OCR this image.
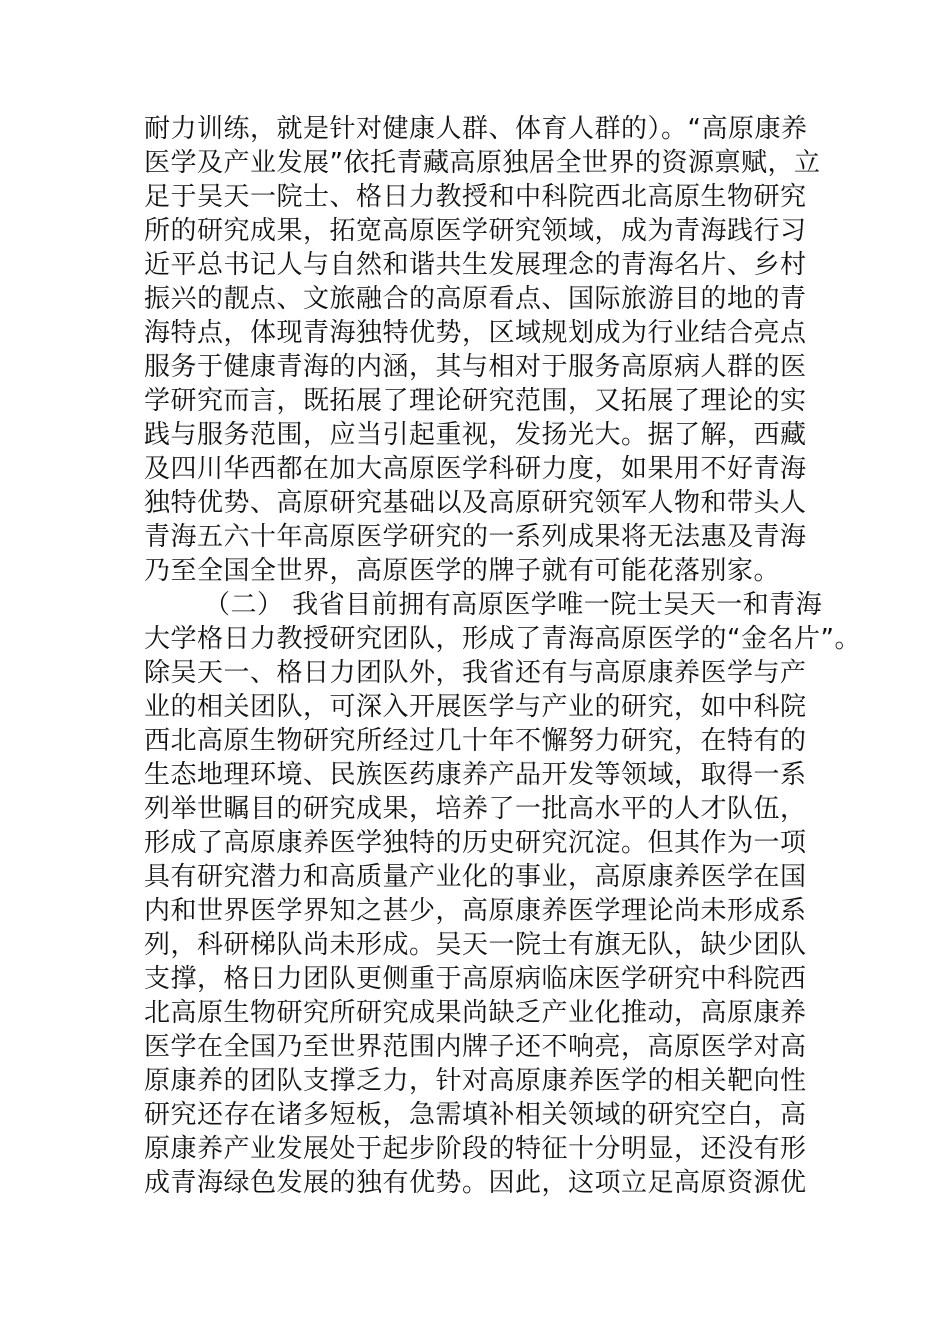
耐力训练，就是针对健康人群、体育人群的）。“高原康养
医学及产业发展”依托青藏高原独居全世界的资源禀赋，立
足于吴天一院士、格日力教授和中科院西北高原生物研究
所的研究成果，拓宽高原医学研究领域，成为青海践行习
近平总书记人与自然和谐共生发展理念的青海名片、乡村
振兴的靓点、文旅融合的高原看点、国际旅游目的地的青
海特点，体现青海独特优势，区域规划成为行业结合亮点
服务于健康青海的内涵，其与相对于服务高原病人群的医
学研究而言，既拓展了理论研究范围，又拓展了理论的实
践与服务范围，应当引起重视，发扬光大。据了解，西藏
及四川华西都在加大高原医学科研力度，如果用不好青海
独特优势、高原研究基础以及高原研究领军人物和带头人
青海五六十年高原医学研究的一系列成果将无法惠及青海
乃至全国全世界，高原医学的牌子就有可能花落别家。
（二） 我省目前拥有高原医学唯一院士吴天一和青海
大学格日力教授研究团队，形成了青海高原医学的“金名片”。
除吴天一、格日力团队外，我省还有与高原康养医学与产
业的相关团队，可深入开展医学与产业的研究，如中科院
西北高原生物研究所经过几十年不懈努力研究，在特有的
生态地理环境、民族医药康养产品开发等领域，取得一系
列举世瞩目的研究成果，培养了一批高水平的人才队伍，
形成了高原康养医学独特的历史研究沉淀。但其作为一项
具有研究潜力和高质量产业化的事业，高原康养医学在国
内和世界医学界知之甚少，高原康养医学理论尚未形成系
列，科研梯队尚未形成。吴天一院士有旗无队，缺少团队
支撑，格日力团队更侧重于高原病临床医学研究中科院西
北高原生物研究所研究成果尚缺乏产业化推动，高原康养
医学在全国乃至世界范围内牌子还不响亮，高原医学对高
原康养的团队支撑乏力，针对高原康养医学的相关靶向性
研究还存在诸多短板，急需填补相关领域的研究空白，高
原康养产业发展处于起步阶段的特征十分明显，还没有形
成青海绿色发展的独有优势。因此，这项立足高原资源优
